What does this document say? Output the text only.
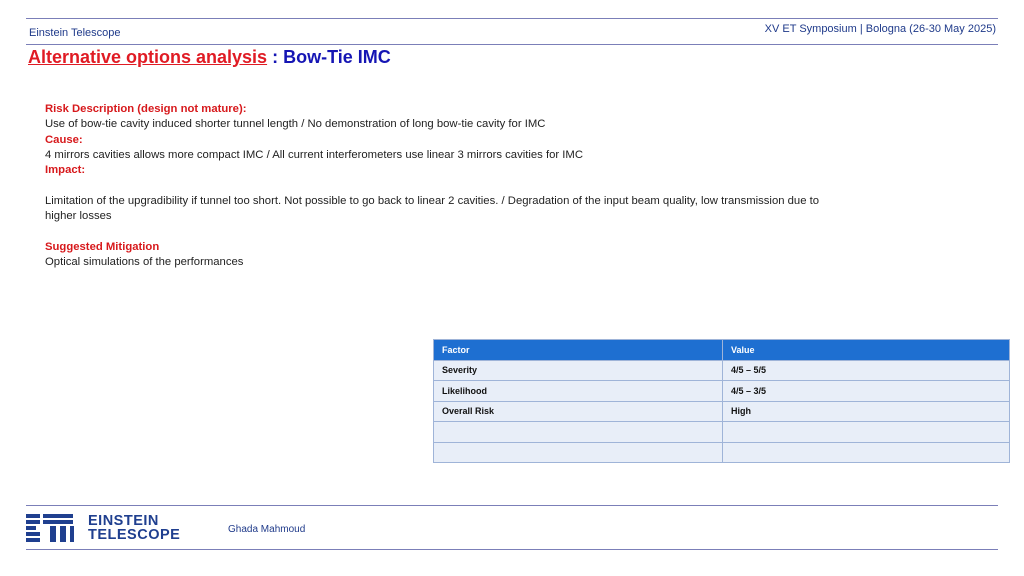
Einstein Telescope	XV ET Symposium | Bologna (26-30 May 2025)
Alternative options analysis : Bow-Tie IMC
Risk Description (design not mature):
Use of bow-tie cavity induced shorter tunnel length / No demonstration of long bow-tie cavity for IMC
Cause:
4 mirrors cavities allows more compact IMC / All current interferometers use linear 3 mirrors cavities for IMC
Impact:
Limitation of the upgradibility if tunnel too short. Not possible to go back to linear 2 cavities. / Degradation of the input beam quality, low transmission due to higher losses
Suggested Mitigation
Optical simulations of the performances
Factor	Value
Severity	4/5 – 5/5
Likelihood	4/5 – 3/5
Overall Risk	High

EINSTEIN
TELESCOPE	Ghada Mahmoud
